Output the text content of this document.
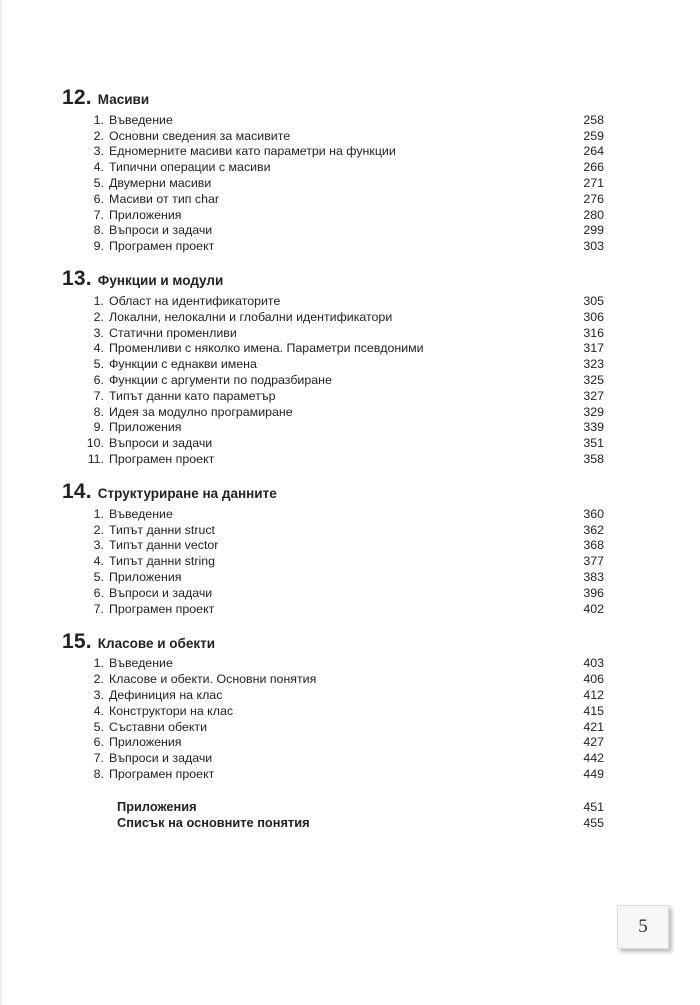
12. Масиви
1. Въведение	258
2. Основни сведения за масивите	259
3. Едномерните масиви като параметри на функции	264
4. Типични операции с масиви	266
5. Двумерни масиви	271
6. Масиви от тип char	276
7. Приложения	280
8. Въпроси и задачи	299
9. Програмен проект	303
13. Функции и модули
1. Област на идентификаторите	305
2. Локални, нелокални и глобални идентификатори	306
3. Статични променливи	316
4. Променливи с няколко имена. Параметри псевдоними	317
5. Функции с еднакви имена	323
6. Функции с аргументи по подразбиране	325
7. Типът данни като параметър	327
8. Идея за модулно програмиране	329
9. Приложения	339
10. Въпроси и задачи	351
11. Програмен проект	358
14. Структуриране на данните
1. Въведение	360
2. Типът данни struct	362
3. Типът данни vector	368
4. Типът данни string	377
5. Приложения	383
6. Въпроси и задачи	396
7. Програмен проект	402
15. Класове и обекти
1. Въведение	403
2. Класове и обекти. Основни понятия	406
3. Дефиниция на клас	412
4. Конструктори на клас	415
5. Съставни обекти	421
6. Приложения	427
7. Въпроси и задачи	442
8. Програмен проект	449
Приложения	451
Списък на основните понятия	455
5
